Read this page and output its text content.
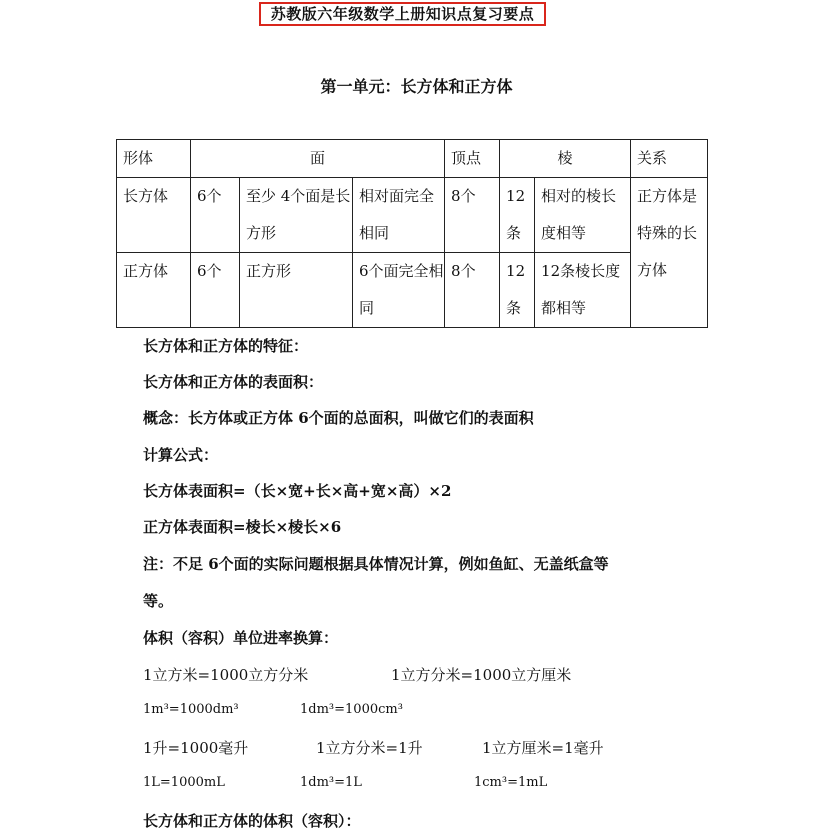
苏教版六年级数学上册知识点复习要点
第一单元：长方体和正方体
形体	面			顶点	棱		关系
长方体	6个	至少 4个面是长方形	相对面完全相同	8个	12条	相对的棱长度相等	正方体是特殊的长方体
正方体	6个	正方形	6个面完全相同	8个	12条	12条棱长度都相等	
长方体和正方体的特征：
长方体和正方体的表面积：
概念：长方体或正方体 6个面的总面积，叫做它们的表面积
计算公式：
长方体表面积=（长×宽+长×高+宽×高）×2
正方体表面积=棱长×棱长×6
注：不足 6个面的实际问题根据具体情况计算，例如鱼缸、无盖纸盒等
等。
体积（容积）单位进率换算：
1立方米=1000立方分米	1立方分米=1000立方厘米
1m³=1000dm³	1dm³=1000cm³
1升=1000毫升	1立方分米=1升	1立方厘米=1毫升
1L=1000mL	1dm³=1L	1cm³=1mL
长方体和正方体的体积（容积）：
